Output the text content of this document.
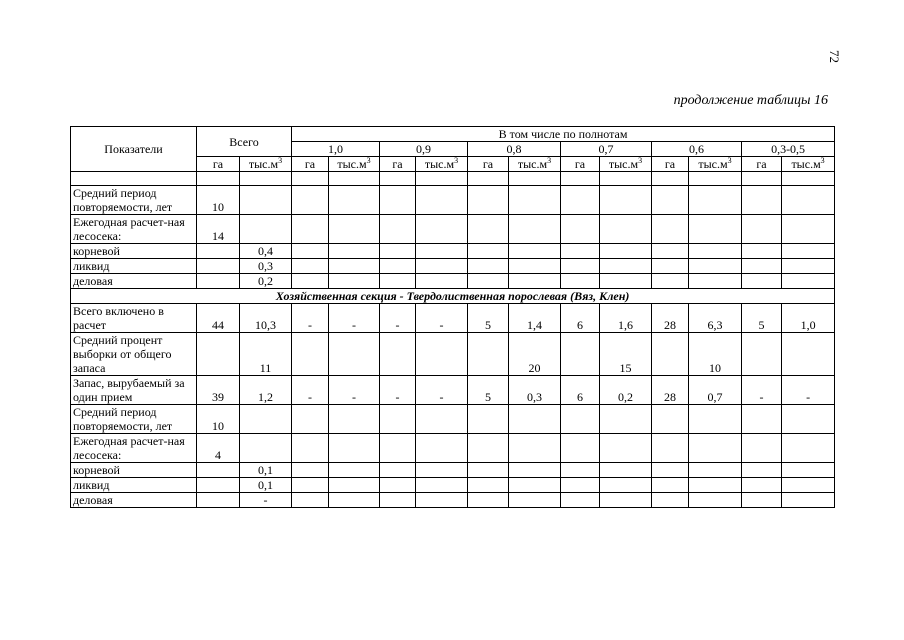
72
продолжение таблицы 16
Показатели	Всего		В том числе по полнотам											
			1,0		0,9		0,8		0,7		0,6		0,3-0,5	
	га	$тыс.м^3$	га	$тыс.м^3$	га	$тыс.м^3$	га	$тыс.м^3$	га	$тыс.м^3$	га	$тыс.м^3$	га	$тыс.м^3$

Средний период повторяемости, лет	10													
Ежегодная расчет-ная лесосека:	14													
корневой		0,4												
ликвид		0,3												
деловая		0,2												
Хозяйственная секция - Твердолиственная порослевая (Вяз, Клен)														
Всего включено в расчет	44	10,3	-	-	-	-	5	1,4	6	1,6	28	6,3	5	1,0
Средний процент выборки от общего запаса		11						20		15		10		
Запас, вырубаемый за один прием	39	1,2	-	-	-	-	5	0,3	6	0,2	28	0,7	-	-
Средний период повторяемости, лет	10													
Ежегодная расчет-ная лесосека:	4													
корневой		0,1												
ликвид		0,1												
деловая		-												
